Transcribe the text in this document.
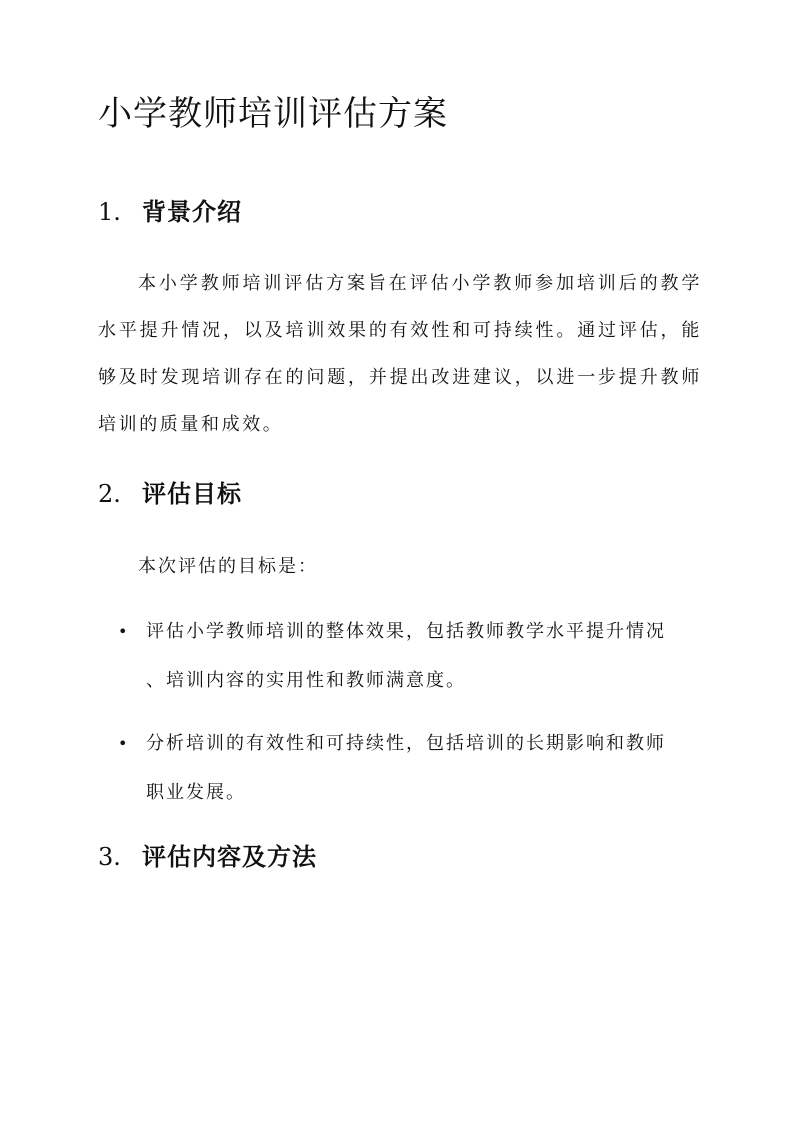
小学教师培训评估方案
1. 背景介绍

本小学教师培训评估方案旨在评估小学教师参加培训后的教学水平提升情况，以及培训效果的有效性和可持续性。通过评估，能够及时发现培训存在的问题，并提出改进建议，以进一步提升教师培训的质量和成效。

2. 评估目标

本次评估的目标是：

•	评估小学教师培训的整体效果，包括教师教学水平提升情况
、培训内容的实用性和教师满意度。
•	分析培训的有效性和可持续性，包括培训的长期影响和教师
职业发展。
3. 评估内容及方法
